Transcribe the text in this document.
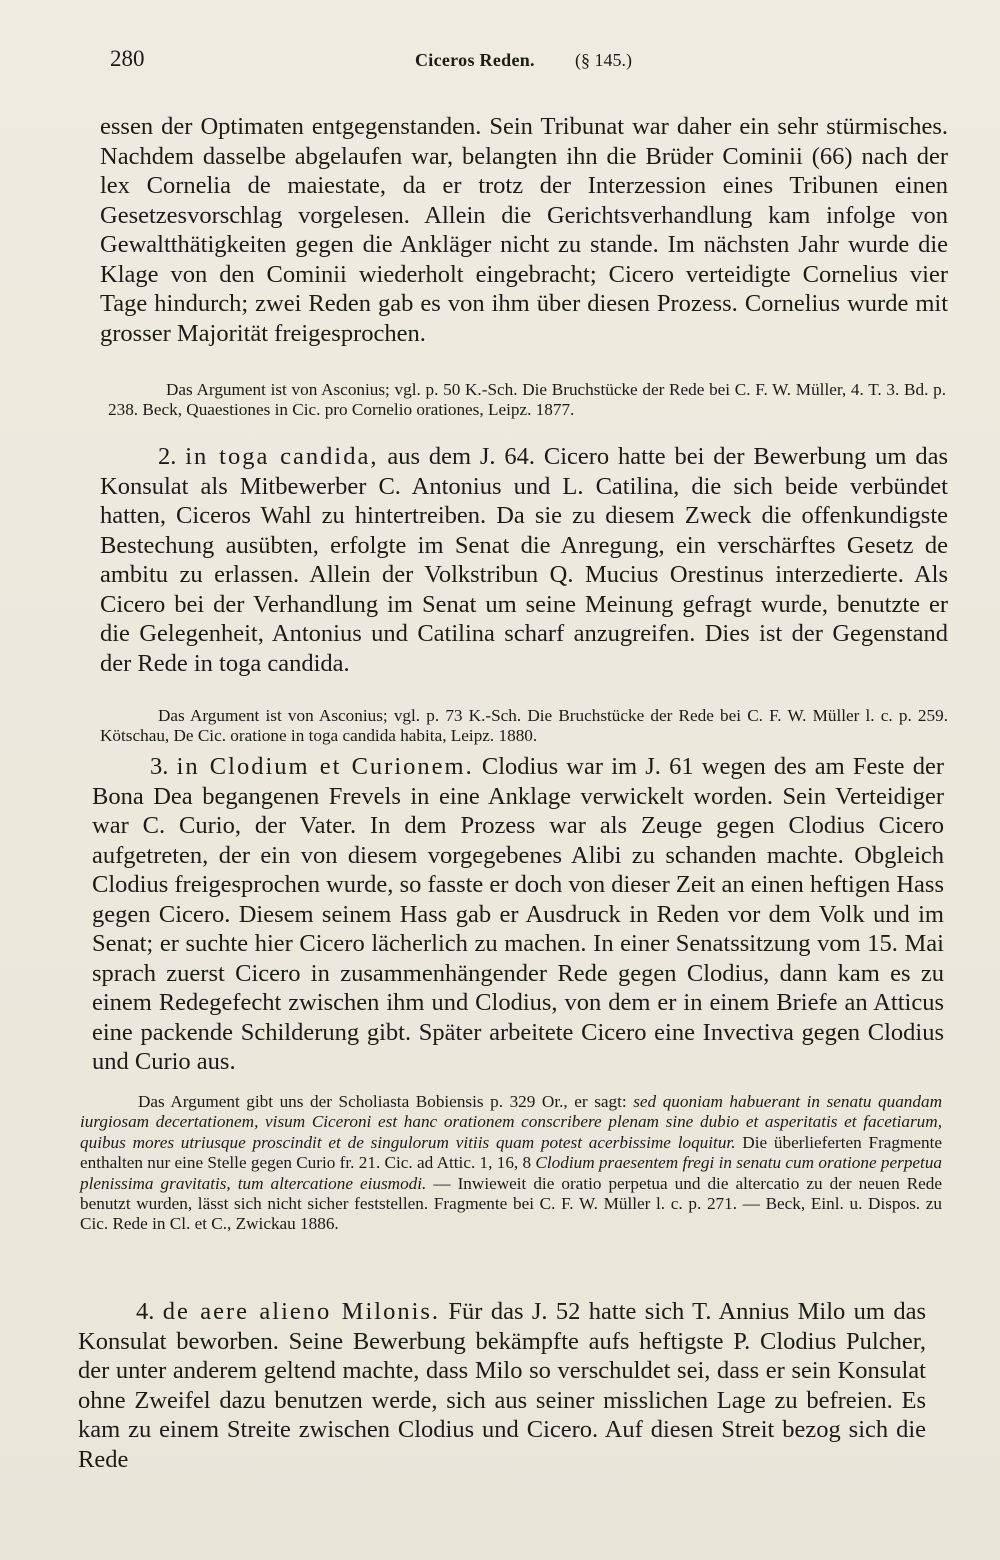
280	Ciceros Reden. (§ 145.)

essen der Optimaten entgegenstanden. Sein Tribunat war daher ein sehr stürmisches. Nachdem dasselbe abgelaufen war, belangten ihn die Brüder Cominii (66) nach der lex Cornelia de maiestate, da er trotz der Interzession eines Tribunen einen Gesetzesvorschlag vorgelesen. Allein die Gerichtsverhandlung kam infolge von Gewaltthätigkeiten gegen die Ankläger nicht zu stande. Im nächsten Jahr wurde die Klage von den Cominii wiederholt eingebracht; Cicero verteidigte Cornelius vier Tage hindurch; zwei Reden gab es von ihm über diesen Prozess. Cornelius wurde mit grosser Majorität freigesprochen.

Das Argument ist von Asconius; vgl. p. 50 K.-Sch. Die Bruchstücke der Rede bei C. F. W. Müller, 4. T. 3. Bd. p. 238. Beck, Quaestiones in Cic. pro Cornelio orationes, Leipz. 1877.

2. in toga candida, aus dem J. 64. Cicero hatte bei der Bewerbung um das Konsulat als Mitbewerber C. Antonius und L. Catilina, die sich beide verbündet hatten, Ciceros Wahl zu hintertreiben. Da sie zu diesem Zweck die offenkundigste Bestechung ausübten, erfolgte im Senat die Anregung, ein verschärftes Gesetz de ambitu zu erlassen. Allein der Volkstribun Q. Mucius Orestinus interzedierte. Als Cicero bei der Verhandlung im Senat um seine Meinung gefragt wurde, benutzte er die Gelegenheit, Antonius und Catilina scharf anzugreifen. Dies ist der Gegenstand der Rede in toga candida.

Das Argument ist von Asconius; vgl. p. 73 K.-Sch. Die Bruchstücke der Rede bei C. F. W. Müller l. c. p. 259. Kötschau, De Cic. oratione in toga candida habita, Leipz. 1880.

3. in Clodium et Curionem. Clodius war im J. 61 wegen des am Feste der Bona Dea begangenen Frevels in eine Anklage verwickelt worden. Sein Verteidiger war C. Curio, der Vater. In dem Prozess war als Zeuge gegen Clodius Cicero aufgetreten, der ein von diesem vorgegebenes Alibi zu schanden machte. Obgleich Clodius freigesprochen wurde, so fasste er doch von dieser Zeit an einen heftigen Hass gegen Cicero. Diesem seinem Hass gab er Ausdruck in Reden vor dem Volk und im Senat; er suchte hier Cicero lächerlich zu machen. In einer Senatssitzung vom 15. Mai sprach zuerst Cicero in zusammenhängender Rede gegen Clodius, dann kam es zu einem Redegefecht zwischen ihm und Clodius, von dem er in einem Briefe an Atticus eine packende Schilderung gibt. Später arbeitete Cicero eine Invectiva gegen Clodius und Curio aus.

Das Argument gibt uns der Scholiasta Bobiensis p. 329 Or., er sagt: sed quoniam habuerant in senatu quandam iurgiosam decertationem, visum Ciceroni est hanc orationem conscribere plenam sine dubio et asperitatis et facetiarum, quibus mores utriusque proscindit et de singulorum vitiis quam potest acerbissime loquitur. Die überlieferten Fragmente enthalten nur eine Stelle gegen Curio fr. 21. Cic. ad Attic. 1, 16, 8 Clodium praesentem fregi in senatu cum oratione perpetua plenissima gravitatis, tum altercatione eiusmodi. — Inwieweit die oratio perpetua und die altercatio zu der neuen Rede benutzt wurden, lässt sich nicht sicher feststellen. Fragmente bei C. F. W. Müller l. c. p. 271. — Beck, Einl. u. Dispos. zu Cic. Rede in Cl. et C., Zwickau 1886.

4. de aere alieno Milonis. Für das J. 52 hatte sich T. Annius Milo um das Konsulat beworben. Seine Bewerbung bekämpfte aufs heftigste P. Clodius Pulcher, der unter anderem geltend machte, dass Milo so verschuldet sei, dass er sein Konsulat ohne Zweifel dazu benutzen werde, sich aus seiner misslichen Lage zu befreien. Es kam zu einem Streite zwischen Clodius und Cicero. Auf diesen Streit bezog sich die Rede
